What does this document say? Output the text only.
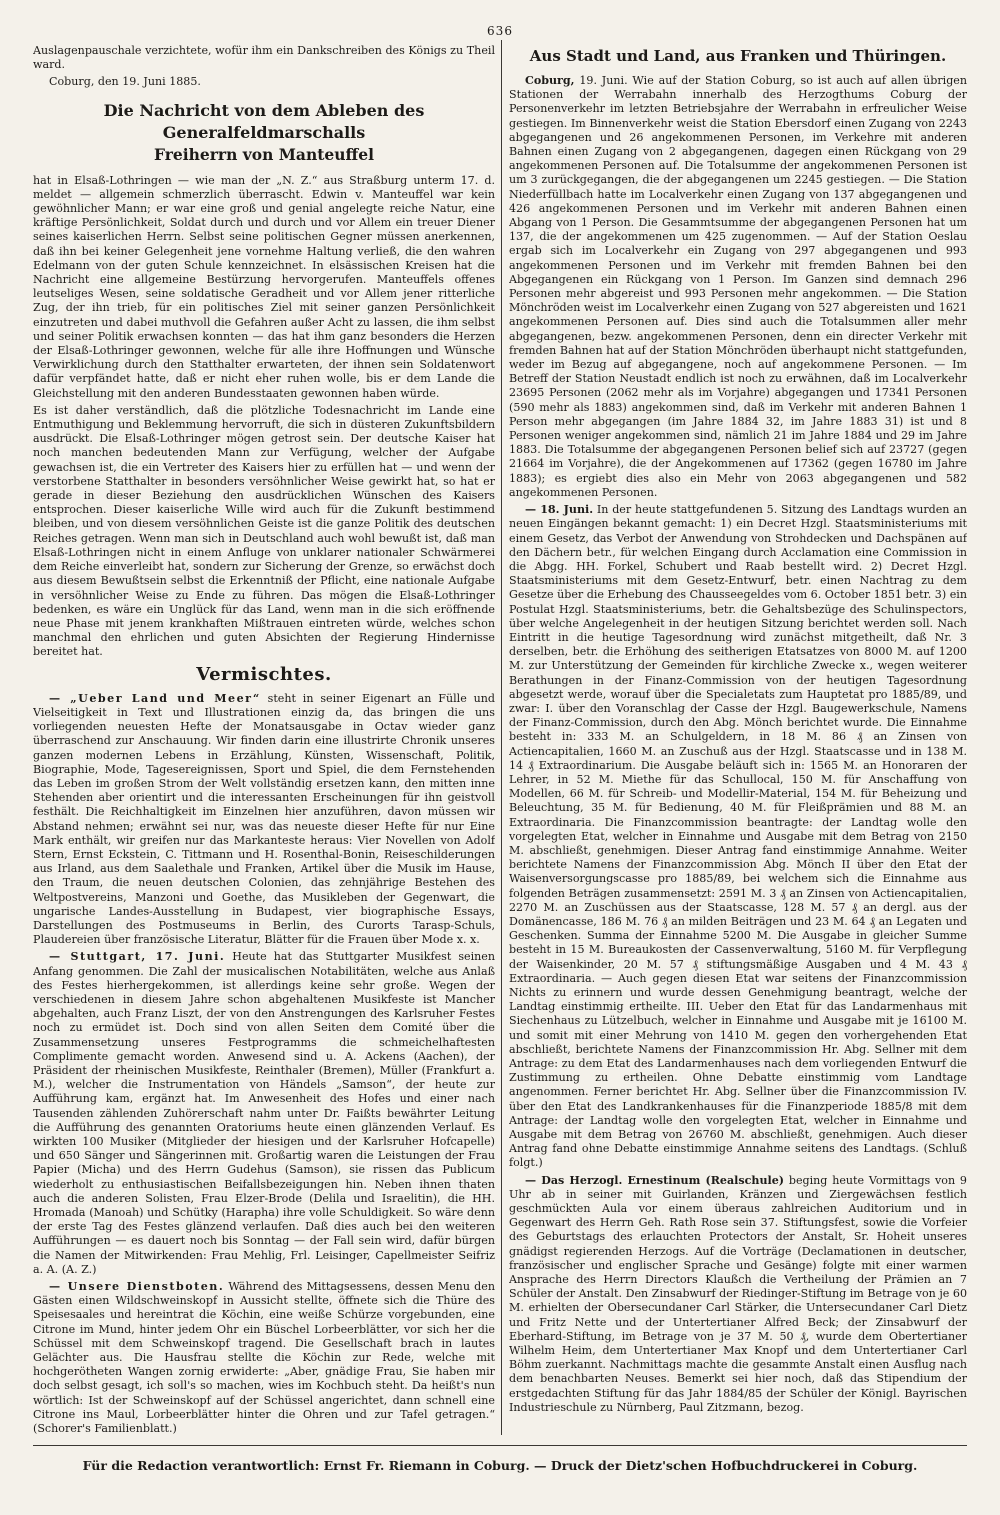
636

Auslagenpauschale verzichtete, wofür ihm ein Dankschreiben des Königs zu Theil ward.

Coburg, den 19. Juni 1885.

Die Nachricht von dem Ableben des Generalfeldmarschalls
Freiherrn von Manteuffel

hat in Elsaß-Lothringen — wie man der „N. Z.“ aus Straßburg unterm 17. d. meldet — allgemein schmerzlich überrascht. Edwin v. Manteuffel war kein gewöhnlicher Mann; er war eine groß und genial angelegte reiche Natur, eine kräftige Persönlichkeit, Soldat durch und durch und vor Allem ein treuer Diener seines kaiserlichen Herrn. Selbst seine politischen Gegner müssen anerkennen, daß ihn bei keiner Gelegenheit jene vornehme Haltung verließ, die den wahren Edelmann von der guten Schule kennzeichnet. In elsässischen Kreisen hat die Nachricht eine allgemeine Bestürzung hervorgerufen. Manteuffels offenes leutseliges Wesen, seine soldatische Geradheit und vor Allem jener ritterliche Zug, der ihn trieb, für ein politisches Ziel mit seiner ganzen Persönlichkeit einzutreten und dabei muthvoll die Gefahren außer Acht zu lassen, die ihm selbst und seiner Politik erwachsen konnten — das hat ihm ganz besonders die Herzen der Elsaß-Lothringer gewonnen, welche für alle ihre Hoffnungen und Wünsche Verwirklichung durch den Statthalter erwarteten, der ihnen sein Soldatenwort dafür verpfändet hatte, daß er nicht eher ruhen wolle, bis er dem Lande die Gleichstellung mit den anderen Bundesstaaten gewonnen haben würde.

Es ist daher verständlich, daß die plötzliche Todesnachricht im Lande eine Entmuthigung und Beklemmung hervorruft, die sich in düsteren Zukunftsbildern ausdrückt. Die Elsaß-Lothringer mögen getrost sein. Der deutsche Kaiser hat noch manchen bedeutenden Mann zur Verfügung, welcher der Aufgabe gewachsen ist, die ein Vertreter des Kaisers hier zu erfüllen hat — und wenn der verstorbene Statthalter in besonders versöhnlicher Weise gewirkt hat, so hat er gerade in dieser Beziehung den ausdrücklichen Wünschen des Kaisers entsprochen. Dieser kaiserliche Wille wird auch für die Zukunft bestimmend bleiben, und von diesem versöhnlichen Geiste ist die ganze Politik des deutschen Reiches getragen. Wenn man sich in Deutschland auch wohl bewußt ist, daß man Elsaß-Lothringen nicht in einem Anfluge von unklarer nationaler Schwärmerei dem Reiche einverleibt hat, sondern zur Sicherung der Grenze, so erwächst doch aus diesem Bewußtsein selbst die Erkenntniß der Pflicht, eine nationale Aufgabe in versöhnlicher Weise zu Ende zu führen. Das mögen die Elsaß-Lothringer bedenken, es wäre ein Unglück für das Land, wenn man in die sich eröffnende neue Phase mit jenem krankhaften Mißtrauen eintreten würde, welches schon manchmal den ehrlichen und guten Absichten der Regierung Hindernisse bereitet hat.

Vermischtes.

— „Ueber Land und Meer“ steht in seiner Eigenart an Fülle und Vielseitigkeit in Text und Illustrationen einzig da, das bringen die uns vorliegenden neuesten Hefte der Monatsausgabe in Octav wieder ganz überraschend zur Anschauung. Wir finden darin eine illustrirte Chronik unseres ganzen modernen Lebens in Erzählung, Künsten, Wissenschaft, Politik, Biographie, Mode, Tagesereignissen, Sport und Spiel, die dem Fernstehenden das Leben im großen Strom der Welt vollständig ersetzen kann, den mitten inne Stehenden aber orientirt und die interessanten Erscheinungen für ihn geistvoll festhält. Die Reichhaltigkeit im Einzelnen hier anzuführen, davon müssen wir Abstand nehmen; erwähnt sei nur, was das neueste dieser Hefte für nur Eine Mark enthält, wir greifen nur das Markanteste heraus: Vier Novellen von Adolf Stern, Ernst Eckstein, C. Tittmann und H. Rosenthal-Bonin, Reiseschilderungen aus Irland, aus dem Saalethale und Franken, Artikel über die Musik im Hause, den Traum, die neuen deutschen Colonien, das zehnjährige Bestehen des Weltpostvereins, Manzoni und Goethe, das Musikleben der Gegenwart, die ungarische Landes-Ausstellung in Budapest, vier biographische Essays, Darstellungen des Postmuseums in Berlin, des Curorts Tarasp-Schuls, Plaudereien über französische Literatur, Blätter für die Frauen über Mode x. x.

— Stuttgart, 17. Juni. Heute hat das Stuttgarter Musikfest seinen Anfang genommen. Die Zahl der musicalischen Notabilitäten, welche aus Anlaß des Festes hierhergekommen, ist allerdings keine sehr große. Wegen der verschiedenen in diesem Jahre schon abgehaltenen Musikfeste ist Mancher abgehalten, auch Franz Liszt, der von den Anstrengungen des Karlsruher Festes noch zu ermüdet ist. Doch sind von allen Seiten dem Comité über die Zusammensetzung unseres Festprogramms die schmeichelhaftesten Complimente gemacht worden. Anwesend sind u. A. Ackens (Aachen), der Präsident der rheinischen Musikfeste, Reinthaler (Bremen), Müller (Frankfurt a. M.), welcher die Instrumentation von Händels „Samson“, der heute zur Aufführung kam, ergänzt hat. Im Anwesenheit des Hofes und einer nach Tausenden zählenden Zuhörerschaft nahm unter Dr. Faißts bewährter Leitung die Aufführung des genannten Oratoriums heute einen glänzenden Verlauf. Es wirkten 100 Musiker (Mitglieder der hiesigen und der Karlsruher Hofcapelle) und 650 Sänger und Sängerinnen mit. Großartig waren die Leistungen der Frau Papier (Micha) und des Herrn Gudehus (Samson), sie rissen das Publicum wiederholt zu enthusiastischen Beifallsbezeigungen hin. Neben ihnen thaten auch die anderen Solisten, Frau Elzer-Brode (Delila und Israelitin), die HH. Hromada (Manoah) und Schütky (Harapha) ihre volle Schuldigkeit. So wäre denn der erste Tag des Festes glänzend verlaufen. Daß dies auch bei den weiteren Aufführungen — es dauert noch bis Sonntag — der Fall sein wird, dafür bürgen die Namen der Mitwirkenden: Frau Mehlig, Frl. Leisinger, Capellmeister Seifriz a. A. (A. Z.)

— Unsere Dienstboten. Während des Mittagsessens, dessen Menu den Gästen einen Wildschweinskopf in Aussicht stellte, öffnete sich die Thüre des Speisesaales und hereintrat die Köchin, eine weiße Schürze vorgebunden, eine Citrone im Mund, hinter jedem Ohr ein Büschel Lorbeerblätter, vor sich her die Schüssel mit dem Schweinskopf tragend. Die Gesellschaft brach in lautes Gelächter aus. Die Hausfrau stellte die Köchin zur Rede, welche mit hochgerötheten Wangen zornig erwiderte: „Aber, gnädige Frau, Sie haben mir doch selbst gesagt, ich soll's so machen, wies im Kochbuch steht. Da heißt's nun wörtlich: Ist der Schweinskopf auf der Schüssel angerichtet, dann schnell eine Citrone ins Maul, Lorbeerblätter hinter die Ohren und zur Tafel getragen.“ (Schorer's Familienblatt.)

Aus Stadt und Land, aus Franken und Thüringen.

Coburg, 19. Juni. Wie auf der Station Coburg, so ist auch auf allen übrigen Stationen der Werrabahn innerhalb des Herzogthums Coburg der Personenverkehr im letzten Betriebsjahre der Werrabahn in erfreulicher Weise gestiegen. Im Binnenverkehr weist die Station Ebersdorf einen Zugang von 2243 abgegangenen und 26 angekommenen Personen, im Verkehre mit anderen Bahnen einen Zugang von 2 abgegangenen, dagegen einen Rückgang von 29 angekommenen Personen auf. Die Totalsumme der angekommenen Personen ist um 3 zurückgegangen, die der abgegangenen um 2245 gestiegen. — Die Station Niederfüllbach hatte im Localverkehr einen Zugang von 137 abgegangenen und 426 angekommenen Personen und im Verkehr mit anderen Bahnen einen Abgang von 1 Person. Die Gesammtsumme der abgegangenen Personen hat um 137, die der angekommenen um 425 zugenommen. — Auf der Station Oeslau ergab sich im Localverkehr ein Zugang von 297 abgegangenen und 993 angekommenen Personen und im Verkehr mit fremden Bahnen bei den Abgegangenen ein Rückgang von 1 Person. Im Ganzen sind demnach 296 Personen mehr abgereist und 993 Personen mehr angekommen. — Die Station Mönchröden weist im Localverkehr einen Zugang von 527 abgereisten und 1621 angekommenen Personen auf. Dies sind auch die Totalsummen aller mehr abgegangenen, bezw. angekommenen Personen, denn ein directer Verkehr mit fremden Bahnen hat auf der Station Mönchröden überhaupt nicht stattgefunden, weder im Bezug auf abgegangene, noch auf angekommene Personen. — Im Betreff der Station Neustadt endlich ist noch zu erwähnen, daß im Localverkehr 23695 Personen (2062 mehr als im Vorjahre) abgegangen und 17341 Personen (590 mehr als 1883) angekommen sind, daß im Verkehr mit anderen Bahnen 1 Person mehr abgegangen (im Jahre 1884 32, im Jahre 1883 31) ist und 8 Personen weniger angekommen sind, nämlich 21 im Jahre 1884 und 29 im Jahre 1883. Die Totalsumme der abgegangenen Personen belief sich auf 23727 (gegen 21664 im Vorjahre), die der Angekommenen auf 17362 (gegen 16780 im Jahre 1883); es ergiebt dies also ein Mehr von 2063 abgegangenen und 582 angekommenen Personen.

— 18. Juni. In der heute stattgefundenen 5. Sitzung des Landtags wurden an neuen Eingängen bekannt gemacht: 1) ein Decret Hzgl. Staatsministeriums mit einem Gesetz, das Verbot der Anwendung von Strohdecken und Dachspänen auf den Dächern betr., für welchen Eingang durch Acclamation eine Commission in die Abgg. HH. Forkel, Schubert und Raab bestellt wird. 2) Decret Hzgl. Staatsministeriums mit dem Gesetz-Entwurf, betr. einen Nachtrag zu dem Gesetze über die Erhebung des Chausseegeldes vom 6. October 1851 betr. 3) ein Postulat Hzgl. Staatsministeriums, betr. die Gehaltsbezüge des Schulinspectors, über welche Angelegenheit in der heutigen Sitzung berichtet werden soll. Nach Eintritt in die heutige Tagesordnung wird zunächst mitgetheilt, daß Nr. 3 derselben, betr. die Erhöhung des seitherigen Etatsatzes von 8000 M. auf 1200 M. zur Unterstützung der Gemeinden für kirchliche Zwecke x., wegen weiterer Berathungen in der Finanz-Commission von der heutigen Tagesordnung abgesetzt werde, worauf über die Specialetats zum Hauptetat pro 1885/89, und zwar: I. über den Voranschlag der Casse der Hzgl. Baugewerkschule, Namens der Finanz-Commission, durch den Abg. Mönch berichtet wurde. Die Einnahme besteht in: 333 M. an Schulgeldern, in 18 M. 86 ₰ an Zinsen von Actiencapitalien, 1660 M. an Zuschuß aus der Hzgl. Staatscasse und in 138 M. 14 ₰ Extraordinarium. Die Ausgabe beläuft sich in: 1565 M. an Honoraren der Lehrer, in 52 M. Miethe für das Schullocal, 150 M. für Anschaffung von Modellen, 66 M. für Schreib- und Modellir-Material, 154 M. für Beheizung und Beleuchtung, 35 M. für Bedienung, 40 M. für Fleißprämien und 88 M. an Extraordinaria. Die Finanzcommission beantragte: der Landtag wolle den vorgelegten Etat, welcher in Einnahme und Ausgabe mit dem Betrag von 2150 M. abschließt, genehmigen. Dieser Antrag fand einstimmige Annahme. Weiter berichtete Namens der Finanzcommission Abg. Mönch II über den Etat der Waisenversorgungscasse pro 1885/89, bei welchem sich die Einnahme aus folgenden Beträgen zusammensetzt: 2591 M. 3 ₰ an Zinsen von Actiencapitalien, 2270 M. an Zuschüssen aus der Staatscasse, 128 M. 57 ₰ an dergl. aus der Domänencasse, 186 M. 76 ₰ an milden Beiträgen und 23 M. 64 ₰ an Legaten und Geschenken. Summa der Einnahme 5200 M. Die Ausgabe in gleicher Summe besteht in 15 M. Bureaukosten der Cassenverwaltung, 5160 M. für Verpflegung der Waisenkinder, 20 M. 57 ₰ stiftungsmäßige Ausgaben und 4 M. 43 ₰ Extraordinaria. — Auch gegen diesen Etat war seitens der Finanzcommission Nichts zu erinnern und wurde dessen Genehmigung beantragt, welche der Landtag einstimmig ertheilte. III. Ueber den Etat für das Landarmenhaus mit Siechenhaus zu Lützelbuch, welcher in Einnahme und Ausgabe mit je 16100 M. und somit mit einer Mehrung von 1410 M. gegen den vorhergehenden Etat abschließt, berichtete Namens der Finanzcommission Hr. Abg. Sellner mit dem Antrage: zu dem Etat des Landarmenhauses nach dem vorliegenden Entwurf die Zustimmung zu ertheilen. Ohne Debatte einstimmig vom Landtage angenommen. Ferner berichtet Hr. Abg. Sellner über die Finanzcommission IV. über den Etat des Landkrankenhauses für die Finanzperiode 1885/8 mit dem Antrage: der Landtag wolle den vorgelegten Etat, welcher in Einnahme und Ausgabe mit dem Betrag von 26760 M. abschließt, genehmigen. Auch dieser Antrag fand ohne Debatte einstimmige Annahme seitens des Landtags. (Schluß folgt.)

— Das Herzogl. Ernestinum (Realschule) beging heute Vormittags von 9 Uhr ab in seiner mit Guirlanden, Kränzen und Ziergewächsen festlich geschmückten Aula vor einem überaus zahlreichen Auditorium und in Gegenwart des Herrn Geh. Rath Rose sein 37. Stiftungsfest, sowie die Vorfeier des Geburtstags des erlauchten Protectors der Anstalt, Sr. Hoheit unseres gnädigst regierenden Herzogs. Auf die Vorträge (Declamationen in deutscher, französischer und englischer Sprache und Gesänge) folgte mit einer warmen Ansprache des Herrn Directors Klaußch die Vertheilung der Prämien an 7 Schüler der Anstalt. Den Zinsabwurf der Riedinger-Stiftung im Betrage von je 60 M. erhielten der Obersecundaner Carl Stärker, die Untersecundaner Carl Dietz und Fritz Nette und der Untertertianer Alfred Beck; der Zinsabwurf der Eberhard-Stiftung, im Betrage von je 37 M. 50 ₰, wurde dem Obertertianer Wilhelm Heim, dem Untertertianer Max Knopf und dem Untertertianer Carl Böhm zuerkannt. Nachmittags machte die gesammte Anstalt einen Ausflug nach dem benachbarten Neuses. Bemerkt sei hier noch, daß das Stipendium der erstgedachten Stiftung für das Jahr 1884/85 der Schüler der Königl. Bayrischen Industrieschule zu Nürnberg, Paul Zitzmann, bezog.

Für die Redaction verantwortlich: Ernst Fr. Riemann in Coburg. — Druck der Dietz'schen Hofbuchdruckerei in Coburg.
